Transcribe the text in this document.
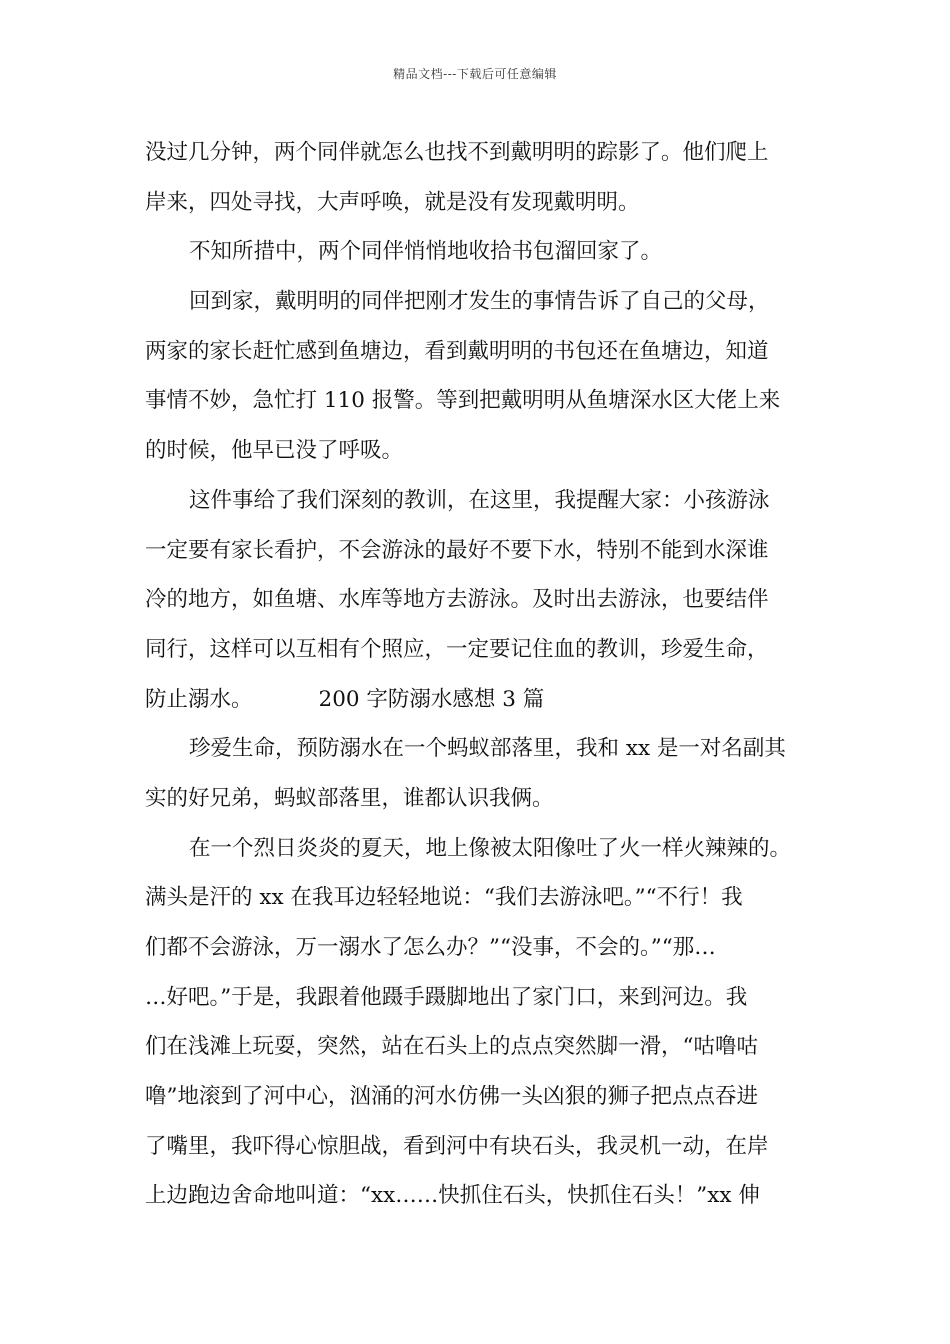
精品文档---下载后可任意编辑
没过几分钟，两个同伴就怎么也找不到戴明明的踪影了。他们爬上
岸来，四处寻找，大声呼唤，就是没有发现戴明明。
不知所措中，两个同伴悄悄地收拾书包溜回家了。
回到家，戴明明的同伴把刚才发生的事情告诉了自己的父母，
两家的家长赶忙感到鱼塘边，看到戴明明的书包还在鱼塘边，知道
事情不妙，急忙打 110 报警。等到把戴明明从鱼塘深水区大佬上来
的时候，他早已没了呼吸。
这件事给了我们深刻的教训，在这里，我提醒大家：小孩游泳
一定要有家长看护，不会游泳的最好不要下水，特别不能到水深谁
冷的地方，如鱼塘、水库等地方去游泳。及时出去游泳，也要结伴
同行，这样可以互相有个照应，一定要记住血的教训，珍爱生命，
防止溺水。	200 字防溺水感想 3 篇
珍爱生命，预防溺水在一个蚂蚁部落里，我和 xx 是一对名副其
实的好兄弟，蚂蚁部落里，谁都认识我俩。
在一个烈日炎炎的夏天，地上像被太阳像吐了火一样火辣辣的。
满头是汗的 xx 在我耳边轻轻地说：“我们去游泳吧。”“不行！我
们都不会游泳，万一溺水了怎么办？”“没事，不会的。”“那…
…好吧。”于是，我跟着他蹑手蹑脚地出了家门口，来到河边。我
们在浅滩上玩耍，突然，站在石头上的点点突然脚一滑，“咕噜咕
噜”地滚到了河中心，汹涌的河水仿佛一头凶狠的狮子把点点吞进
了嘴里，我吓得心惊胆战，看到河中有块石头，我灵机一动，在岸
上边跑边舍命地叫道：“xx……快抓住石头，快抓住石头！”xx 伸
